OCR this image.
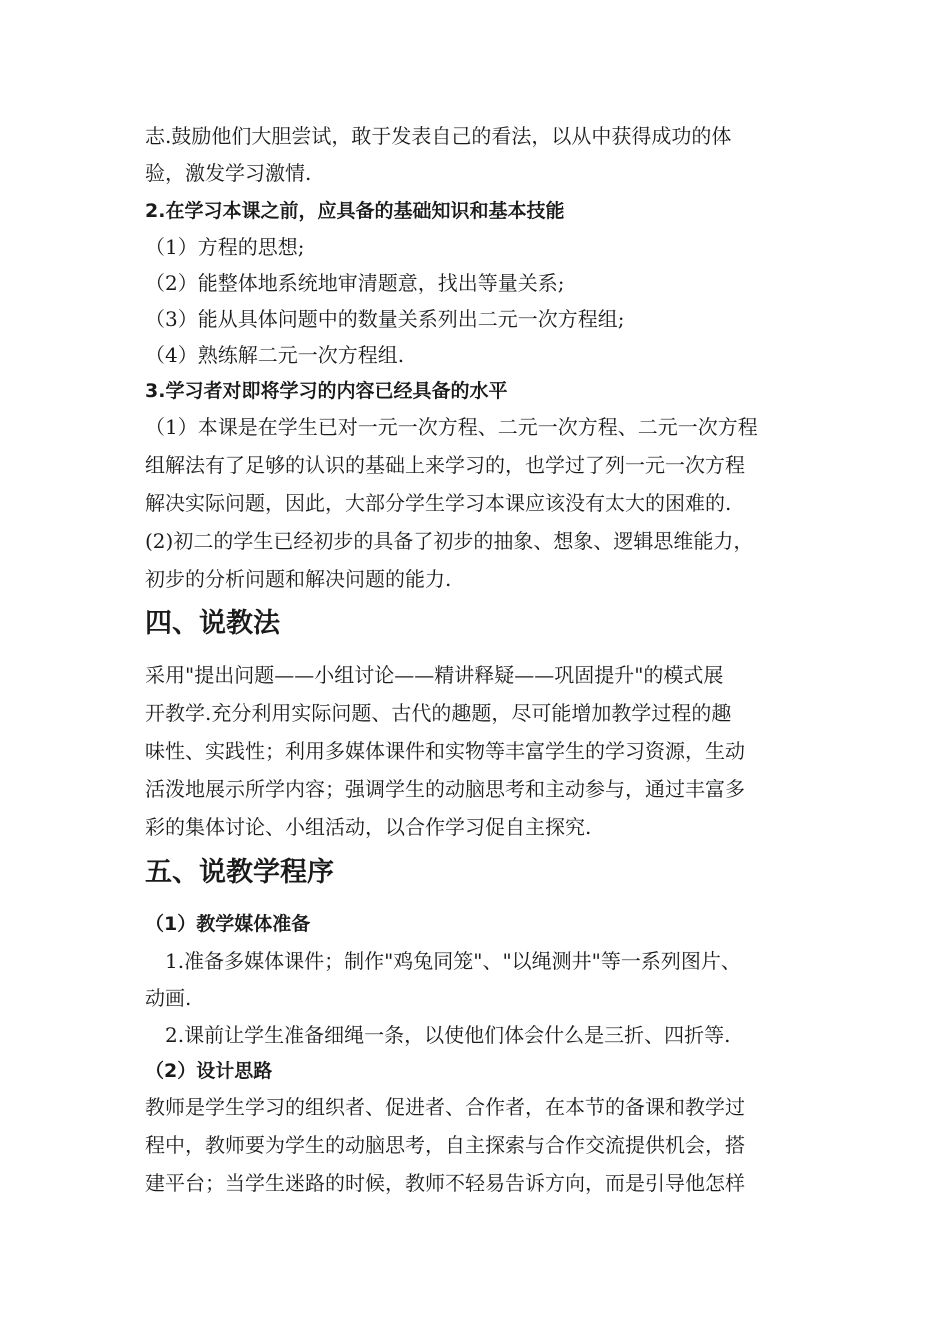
志.鼓励他们大胆尝试，敢于发表自己的看法，以从中获得成功的体
验，激发学习激情.
2.在学习本课之前，应具备的基础知识和基本技能
（1）方程的思想;
（2）能整体地系统地审清题意，找出等量关系;
（3）能从具体问题中的数量关系列出二元一次方程组;
（4）熟练解二元一次方程组.
3.学习者对即将学习的内容已经具备的水平
（1）本课是在学生已对一元一次方程、二元一次方程、二元一次方程
组解法有了足够的认识的基础上来学习的，也学过了列一元一次方程
解决实际问题，因此，大部分学生学习本课应该没有太大的困难的.
(2)初二的学生已经初步的具备了初步的抽象、想象、逻辑思维能力，
初步的分析问题和解决问题的能力.
四、说教法
采用"提出问题——小组讨论——精讲释疑——巩固提升"的模式展
开教学.充分利用实际问题、古代的趣题，尽可能增加教学过程的趣
味性、实践性；利用多媒体课件和实物等丰富学生的学习资源，生动
活泼地展示所学内容；强调学生的动脑思考和主动参与，通过丰富多
彩的集体讨论、小组活动，以合作学习促自主探究.
五、说教学程序
（1）教学媒体准备
1.准备多媒体课件；制作"鸡兔同笼"、"以绳测井"等一系列图片、
动画.
2.课前让学生准备细绳一条，以使他们体会什么是三折、四折等.
（2）设计思路
教师是学生学习的组织者、促进者、合作者，在本节的备课和教学过
程中，教师要为学生的动脑思考，自主探索与合作交流提供机会，搭
建平台；当学生迷路的时候，教师不轻易告诉方向，而是引导他怎样
